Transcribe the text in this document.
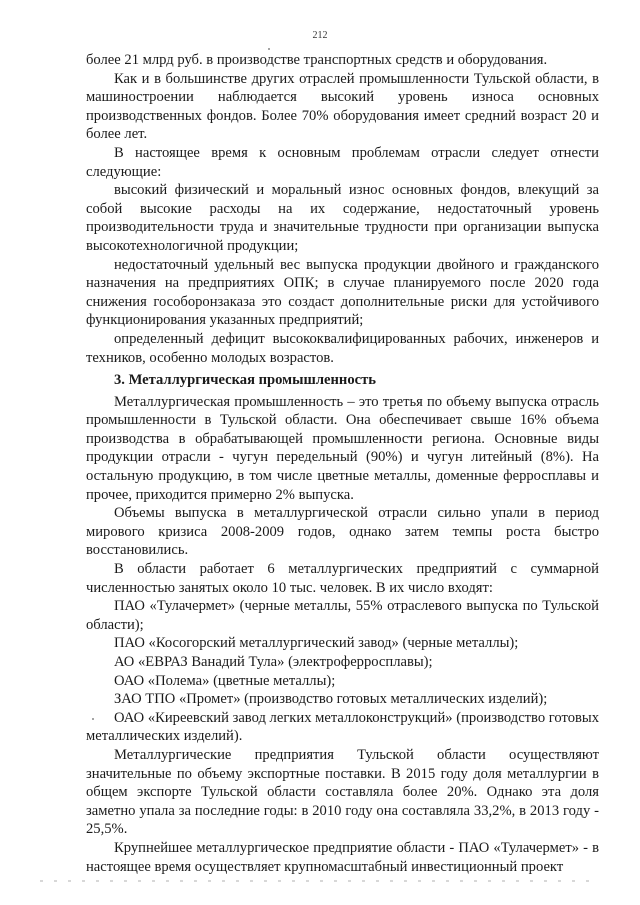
212

более 21 млрд руб. в производстве транспортных средств и оборудования.

Как и в большинстве других отраслей промышленности Тульской области, в машиностроении наблюдается высокий уровень износа основных производственных фондов. Более 70% оборудования имеет средний возраст 20 и более лет.

В настоящее время к основным проблемам отрасли следует отнести следующие:

высокий физический и моральный износ основных фондов, влекущий за собой высокие расходы на их содержание, недостаточный уровень производительности труда и значительные трудности при организации выпуска высокотехнологичной продукции;

недостаточный удельный вес выпуска продукции двойного и гражданского назначения на предприятиях ОПК; в случае планируемого после 2020 года снижения гособоронзаказа это создаст дополнительные риски для устойчивого функционирования указанных предприятий;

определенный дефицит высококвалифицированных рабочих, инженеров и техников, особенно молодых возрастов.

3. Металлургическая промышленность

Металлургическая промышленность – это третья по объему выпуска отрасль промышленности в Тульской области. Она обеспечивает свыше 16% объема производства в обрабатывающей промышленности региона. Основные виды продукции отрасли - чугун передельный (90%) и чугун литейный (8%). На остальную продукцию, в том числе цветные металлы, доменные ферросплавы и прочее, приходится примерно 2% выпуска.

Объемы выпуска в металлургической отрасли сильно упали в период мирового кризиса 2008-2009 годов, однако затем темпы роста быстро восстановились.

В области работает 6 металлургических предприятий с суммарной численностью занятых около 10 тыс. человек. В их число входят:

ПАО «Тулачермет» (черные металлы, 55% отраслевого выпуска по Тульской области);

ПАО «Косогорский металлургический завод» (черные металлы);

АО «ЕВРАЗ Ванадий Тула» (электроферросплавы);

ОАО «Полема» (цветные металлы);

ЗАО ТПО «Промет» (производство готовых металлических изделий);

ОАО «Киреевский завод легких металлоконструкций» (производство готовых металлических изделий).

Металлургические предприятия Тульской области осуществляют значительные по объему экспортные поставки. В 2015 году доля металлургии в общем экспорте Тульской области составляла более 20%. Однако эта доля заметно упала за последние годы: в 2010 году она составляла 33,2%, в 2013 году - 25,5%.

Крупнейшее металлургическое предприятие области - ПАО «Тулачермет» - в настоящее время осуществляет крупномасштабный инвестиционный проект
